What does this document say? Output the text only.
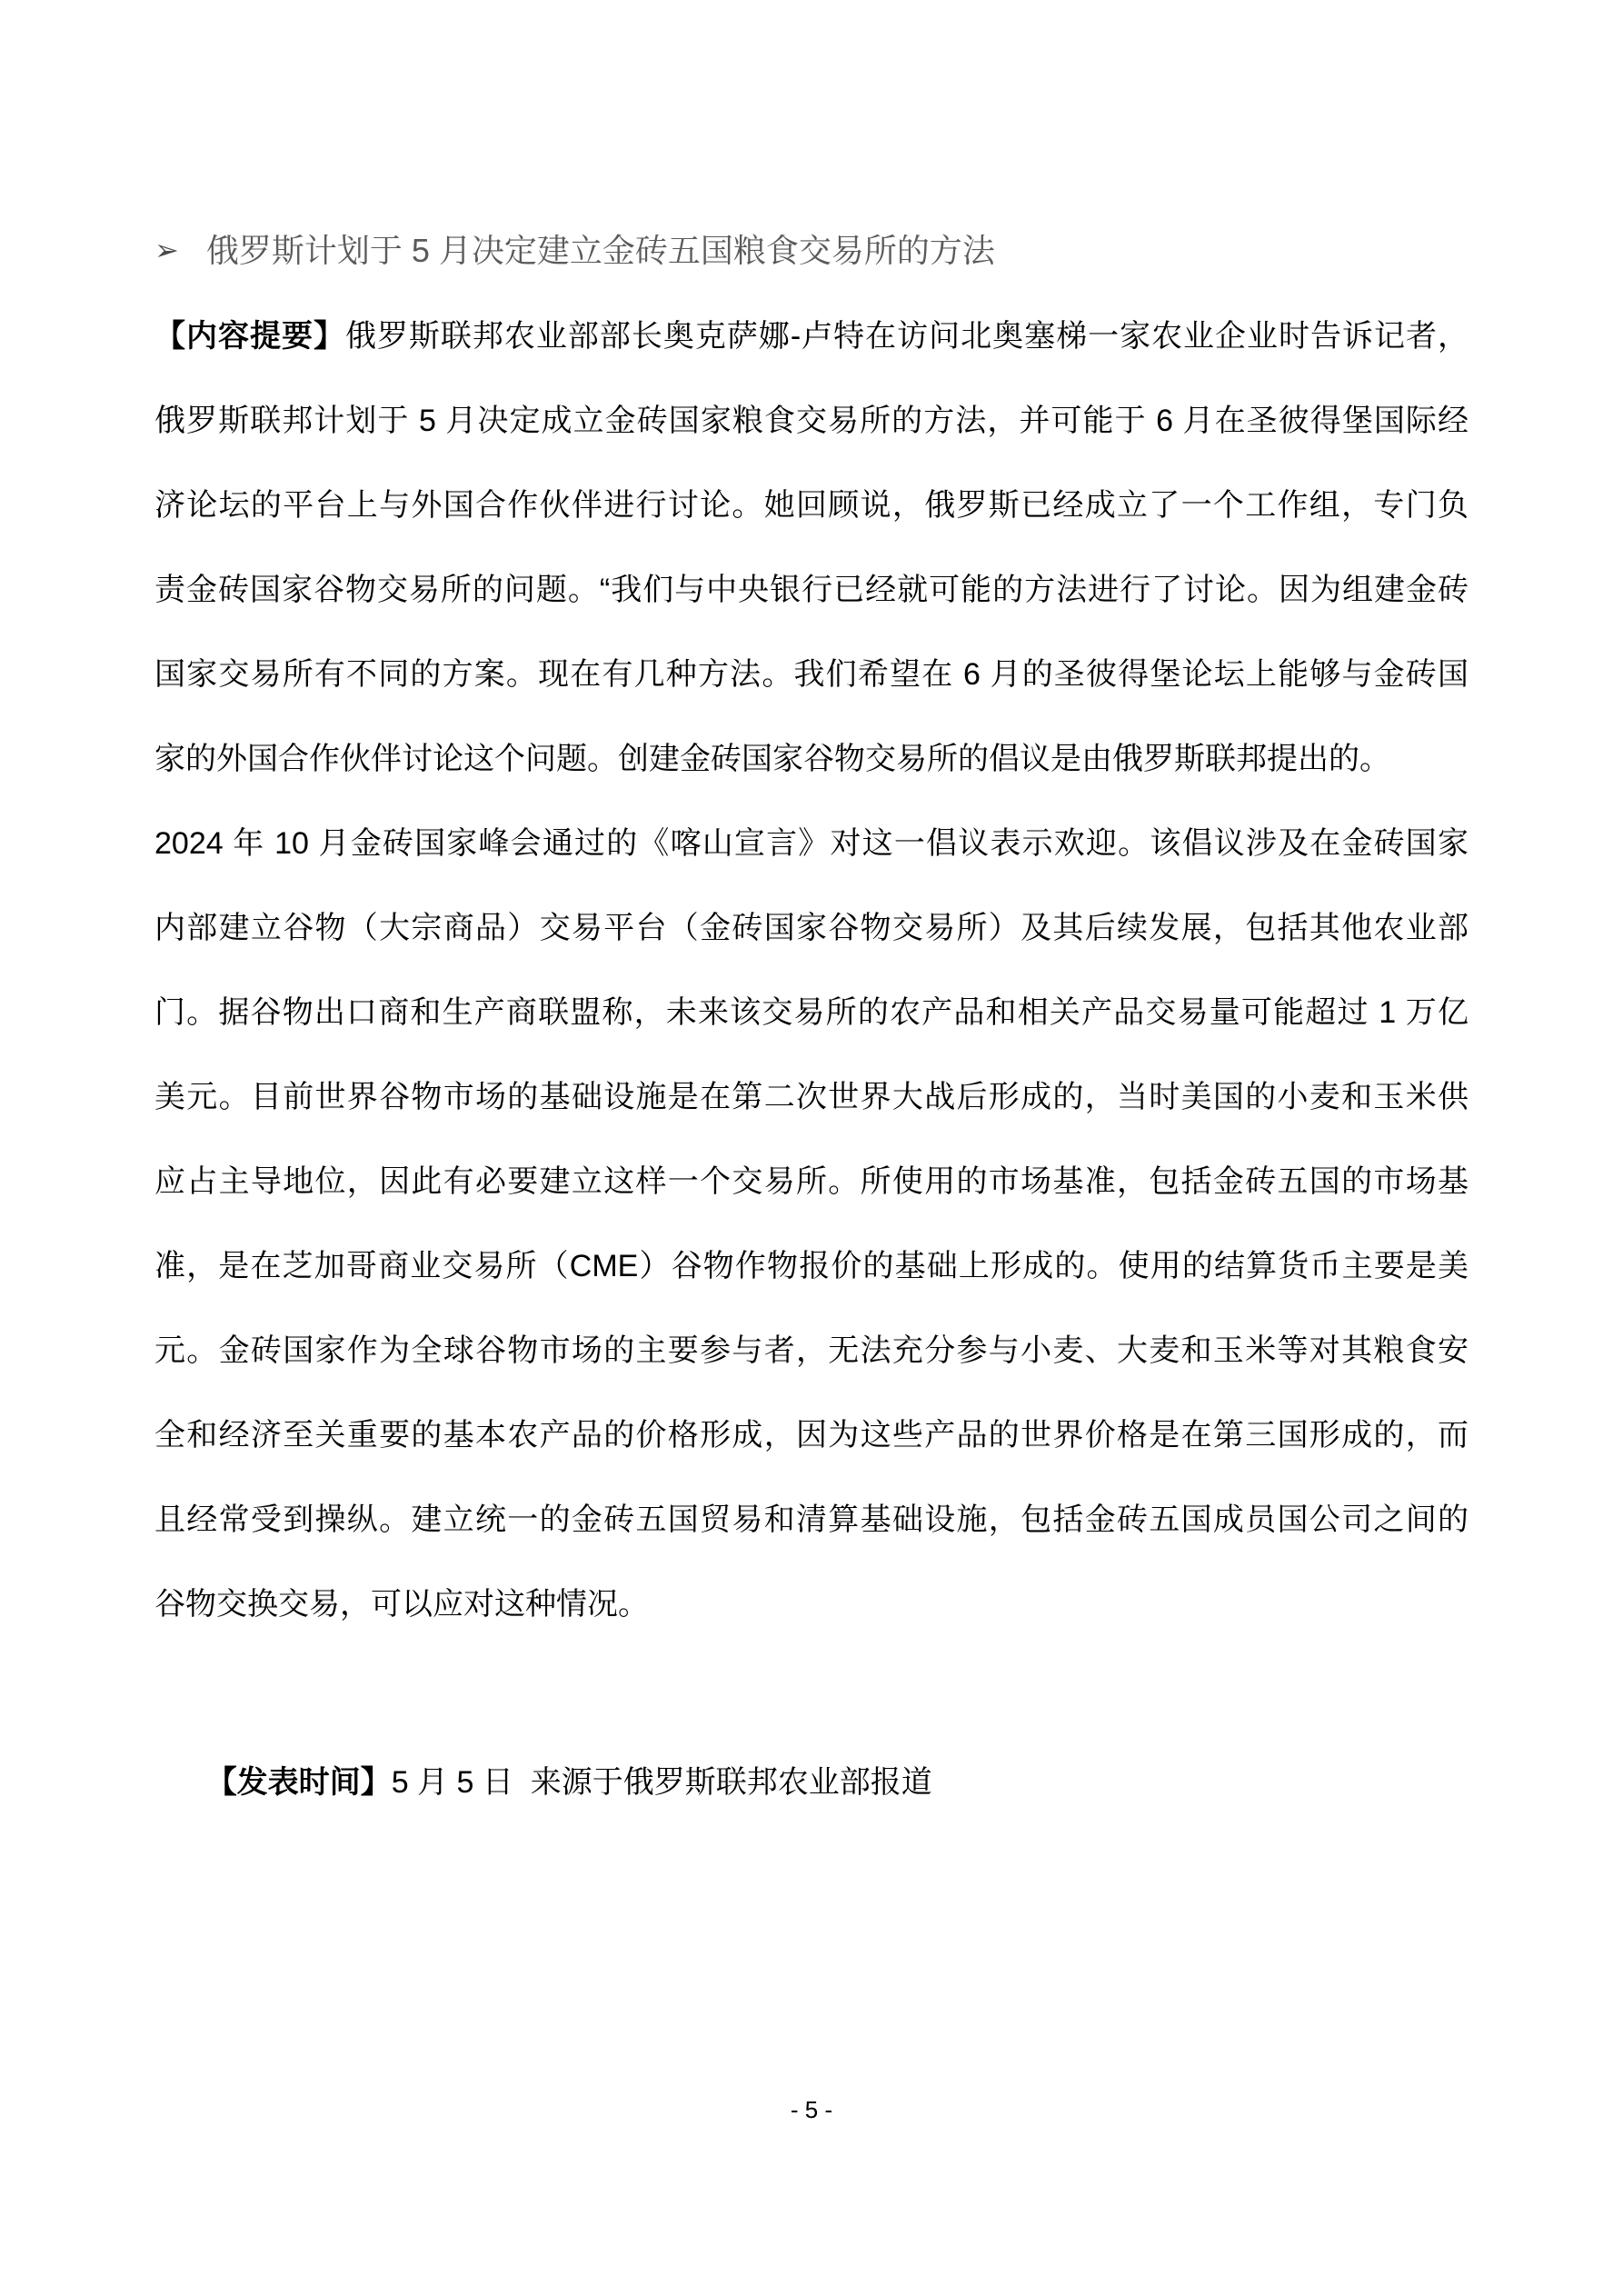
➢ 俄罗斯计划于 5 月决定建立金砖五国粮食交易所的方法
【内容提要】俄罗斯联邦农业部部长奥克萨娜-卢特在访问北奥塞梯一家农业企业时告诉记者，
俄罗斯联邦计划于 5 月决定成立金砖国家粮食交易所的方法，并可能于 6 月在圣彼得堡国际经
济论坛的平台上与外国合作伙伴进行讨论。她回顾说，俄罗斯已经成立了一个工作组，专门负
责金砖国家谷物交易所的问题。“我们与中央银行已经就可能的方法进行了讨论。因为组建金砖
国家交易所有不同的方案。现在有几种方法。我们希望在 6 月的圣彼得堡论坛上能够与金砖国
家的外国合作伙伴讨论这个问题。创建金砖国家谷物交易所的倡议是由俄罗斯联邦提出的。
2024 年 10 月金砖国家峰会通过的《喀山宣言》对这一倡议表示欢迎。该倡议涉及在金砖国家
内部建立谷物（大宗商品）交易平台（金砖国家谷物交易所）及其后续发展，包括其他农业部
门。据谷物出口商和生产商联盟称，未来该交易所的农产品和相关产品交易量可能超过 1 万亿
美元。目前世界谷物市场的基础设施是在第二次世界大战后形成的，当时美国的小麦和玉米供
应占主导地位，因此有必要建立这样一个交易所。所使用的市场基准，包括金砖五国的市场基
准，是在芝加哥商业交易所（CME）谷物作物报价的基础上形成的。使用的结算货币主要是美
元。金砖国家作为全球谷物市场的主要参与者，无法充分参与小麦、大麦和玉米等对其粮食安
全和经济至关重要的基本农产品的价格形成，因为这些产品的世界价格是在第三国形成的，而
且经常受到操纵。建立统一的金砖五国贸易和清算基础设施，包括金砖五国成员国公司之间的
谷物交换交易，可以应对这种情况。

【发表时间】5 月 5 日  来源于俄罗斯联邦农业部报道

- 5 -
